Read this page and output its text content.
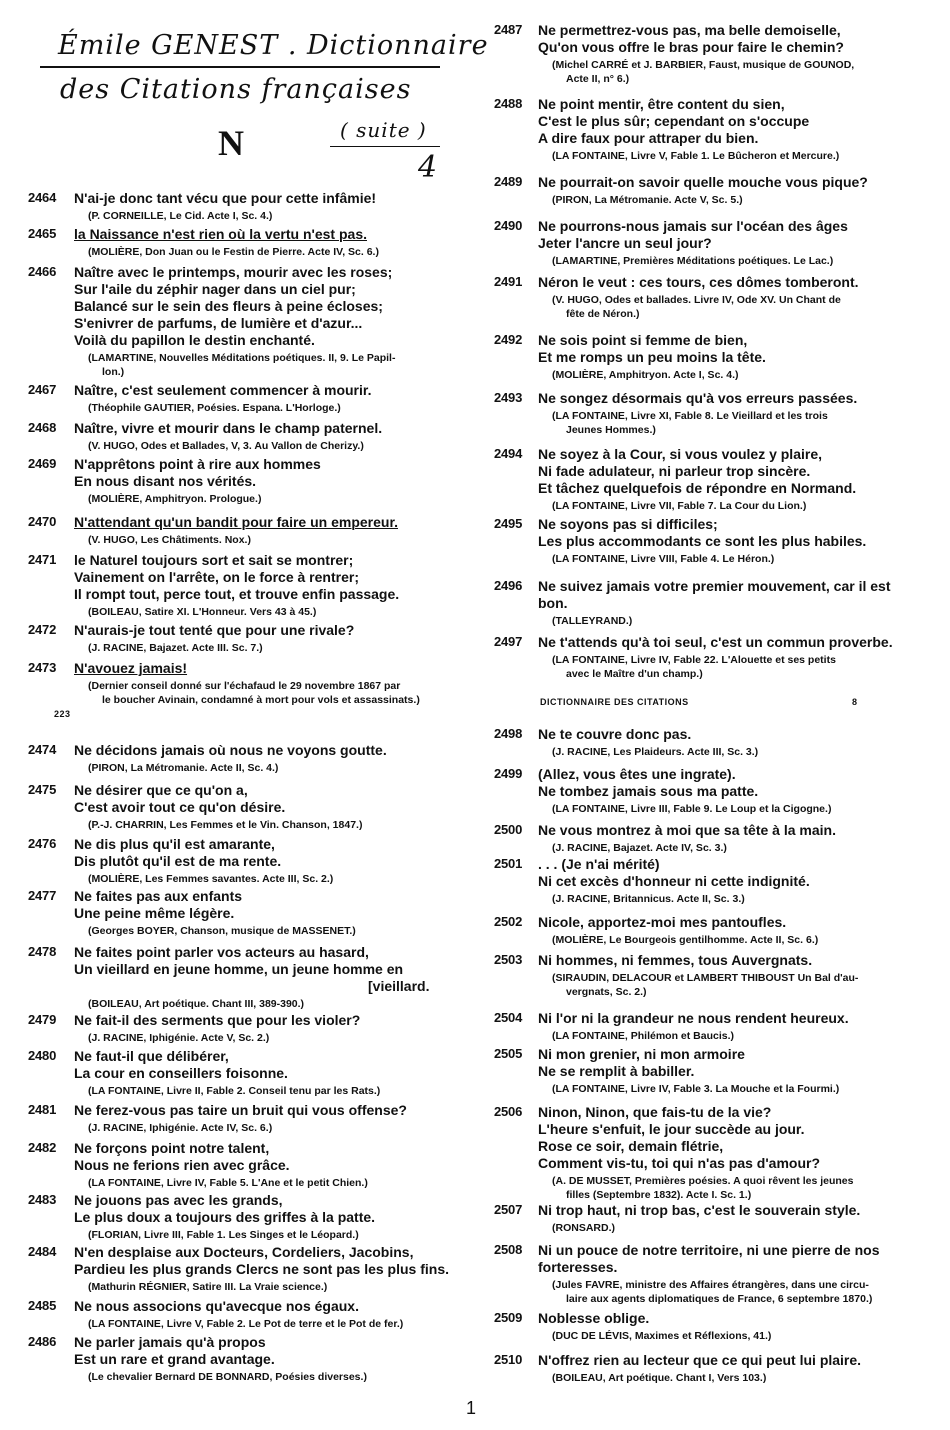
Émile GENEST . Dictionnaire
des Citations françaises
N	( suite )
4
2464 N'ai-je donc tant vécu que pour cette infâmie!
(P. CORNEILLE, Le Cid. Acte I, Sc. 4.)
2465 la Naissance n'est rien où la vertu n'est pas.
(MOLIÈRE, Don Juan ou le Festin de Pierre. Acte IV, Sc. 6.)
2466 Naître avec le printemps, mourir avec les roses;
Sur l'aile du zéphir nager dans un ciel pur;
Balancé sur le sein des fleurs à peine écloses;
S'enivrer de parfums, de lumière et d'azur...
Voilà du papillon le destin enchanté.
(LAMARTINE, Nouvelles Méditations poétiques. II, 9. Le Papil-
lon.)
2467 Naître, c'est seulement commencer à mourir.
(Théophile GAUTIER, Poésies. Espana. L'Horloge.)
2468 Naître, vivre et mourir dans le champ paternel.
(V. HUGO, Odes et Ballades, V, 3. Au Vallon de Cherizy.)
2469 N'apprêtons point à rire aux hommes
En nous disant nos vérités.
(MOLIÈRE, Amphitryon. Prologue.)
2470 N'attendant qu'un bandit pour faire un empereur.
(V. HUGO, Les Châtiments. Nox.)
2471 le Naturel toujours sort et sait se montrer;
Vainement on l'arrête, on le force à rentrer;
Il rompt tout, perce tout, et trouve enfin passage.
(BOILEAU, Satire XI. L'Honneur. Vers 43 à 45.)
2472 N'aurais-je tout tenté que pour une rivale?
(J. RACINE, Bajazet. Acte III. Sc. 7.)
2473 N'avouez jamais!
(Dernier conseil donné sur l'échafaud le 29 novembre 1867 par
le boucher Avinain, condamné à mort pour vols et assassinats.)
2474 Ne décidons jamais où nous ne voyons goutte.
(PIRON, La Métromanie. Acte II, Sc. 4.)
2475 Ne désirer que ce qu'on a,
C'est avoir tout ce qu'on désire.
(P.-J. CHARRIN, Les Femmes et le Vin. Chanson, 1847.)
2476 Ne dis plus qu'il est amarante,
Dis plutôt qu'il est de ma rente.
(MOLIÈRE, Les Femmes savantes. Acte III, Sc. 2.)
2477 Ne faites pas aux enfants
Une peine même légère.
(Georges BOYER, Chanson, musique de MASSENET.)
2478 Ne faites point parler vos acteurs au hasard,
Un vieillard en jeune homme, un jeune homme en
[vieillard.
(BOILEAU, Art poétique. Chant III, 389-390.)
2479 Ne fait-il des serments que pour les violer?
(J. RACINE, Iphigénie. Acte V, Sc. 2.)
2480 Ne faut-il que délibérer,
La cour en conseillers foisonne.
(LA FONTAINE, Livre II, Fable 2. Conseil tenu par les Rats.)
2481 Ne ferez-vous pas taire un bruit qui vous offense?
(J. RACINE, Iphigénie. Acte IV, Sc. 6.)
2482 Ne forçons point notre talent,
Nous ne ferions rien avec grâce.
(LA FONTAINE, Livre IV, Fable 5. L'Ane et le petit Chien.)
2483 Ne jouons pas avec les grands,
Le plus doux a toujours des griffes à la patte.
(FLORIAN, Livre III, Fable 1. Les Singes et le Léopard.)
2484 N'en desplaise aux Docteurs, Cordeliers, Jacobins,
Pardieu les plus grands Clercs ne sont pas les plus fins.
(Mathurin RÉGNIER, Satire III. La Vraie science.)
2485 Ne nous associons qu'avecque nos égaux.
(LA FONTAINE, Livre V, Fable 2. Le Pot de terre et le Pot de fer.)
2486 Ne parler jamais qu'à propos
Est un rare et grand avantage.
(Le chevalier Bernard DE BONNARD, Poésies diverses.)
223
2487 Ne permettrez-vous pas, ma belle demoiselle,
Qu'on vous offre le bras pour faire le chemin?
(Michel CARRÉ et J. BARBIER, Faust, musique de GOUNOD,
Acte II, n° 6.)
2488 Ne point mentir, être content du sien,
C'est le plus sûr; cependant on s'occupe
A dire faux pour attraper du bien.
(LA FONTAINE, Livre V, Fable 1. Le Bûcheron et Mercure.)
2489 Ne pourrait-on savoir quelle mouche vous pique?
(PIRON, La Métromanie. Acte V, Sc. 5.)
2490 Ne pourrons-nous jamais sur l'océan des âges
Jeter l'ancre un seul jour?
(LAMARTINE, Premières Méditations poétiques. Le Lac.)
2491 Néron le veut : ces tours, ces dômes tomberont.
(V. HUGO, Odes et ballades. Livre IV, Ode XV. Un Chant de
fête de Néron.)
2492 Ne sois point si femme de bien,
Et me romps un peu moins la tête.
(MOLIÈRE, Amphitryon. Acte I, Sc. 4.)
2493 Ne songez désormais qu'à vos erreurs passées.
(LA FONTAINE, Livre XI, Fable 8. Le Vieillard et les trois
Jeunes Hommes.)
2494 Ne soyez à la Cour, si vous voulez y plaire,
Ni fade adulateur, ni parleur trop sincère.
Et tâchez quelquefois de répondre en Normand.
(LA FONTAINE, Livre VII, Fable 7. La Cour du Lion.)
2495 Ne soyons pas si difficiles;
Les plus accommodants ce sont les plus habiles.
(LA FONTAINE, Livre VIII, Fable 4. Le Héron.)
2496 Ne suivez jamais votre premier mouvement, car il est
bon.
(TALLEYRAND.)
2497 Ne t'attends qu'à toi seul, c'est un commun proverbe.
(LA FONTAINE, Livre IV, Fable 22. L'Alouette et ses petits
avec le Maître d'un champ.)
2498 Ne te couvre donc pas.
(J. RACINE, Les Plaideurs. Acte III, Sc. 3.)
2499 (Allez, vous êtes une ingrate).
Ne tombez jamais sous ma patte.
(LA FONTAINE, Livre III, Fable 9. Le Loup et la Cigogne.)
2500 Ne vous montrez à moi que sa tête à la main.
(J. RACINE, Bajazet. Acte IV, Sc. 3.)
2501 . . . (Je n'ai mérité)
Ni cet excès d'honneur ni cette indignité.
(J. RACINE, Britannicus. Acte II, Sc. 3.)
2502 Nicole, apportez-moi mes pantoufles.
(MOLIÈRE, Le Bourgeois gentilhomme. Acte II, Sc. 6.)
2503 Ni hommes, ni femmes, tous Auvergnats.
(SIRAUDIN, DELACOUR et LAMBERT THIBOUST Un Bal d'au-
vergnats, Sc. 2.)
2504 Ni l'or ni la grandeur ne nous rendent heureux.
(LA FONTAINE, Philémon et Baucis.)
2505 Ni mon grenier, ni mon armoire
Ne se remplit à babiller.
(LA FONTAINE, Livre IV, Fable 3. La Mouche et la Fourmi.)
2506 Ninon, Ninon, que fais-tu de la vie?
L'heure s'enfuit, le jour succède au jour.
Rose ce soir, demain flétrie,
Comment vis-tu, toi qui n'as pas d'amour?
(A. DE MUSSET, Premières poésies. A quoi rêvent les jeunes
filles (Septembre 1832). Acte I. Sc. 1.)
2507 Ni trop haut, ni trop bas, c'est le souverain style.
(RONSARD.)
2508 Ni un pouce de notre territoire, ni une pierre de nos
forteresses.
(Jules FAVRE, ministre des Affaires étrangères, dans une circu-
laire aux agents diplomatiques de France, 6 septembre 1870.)
2509 Noblesse oblige.
(DUC DE LÉVIS, Maximes et Réflexions, 41.)
2510 N'offrez rien au lecteur que ce qui peut lui plaire.
(BOILEAU, Art poétique. Chant I, Vers 103.)
DICTIONNAIRE DES CITATIONS	8
1
